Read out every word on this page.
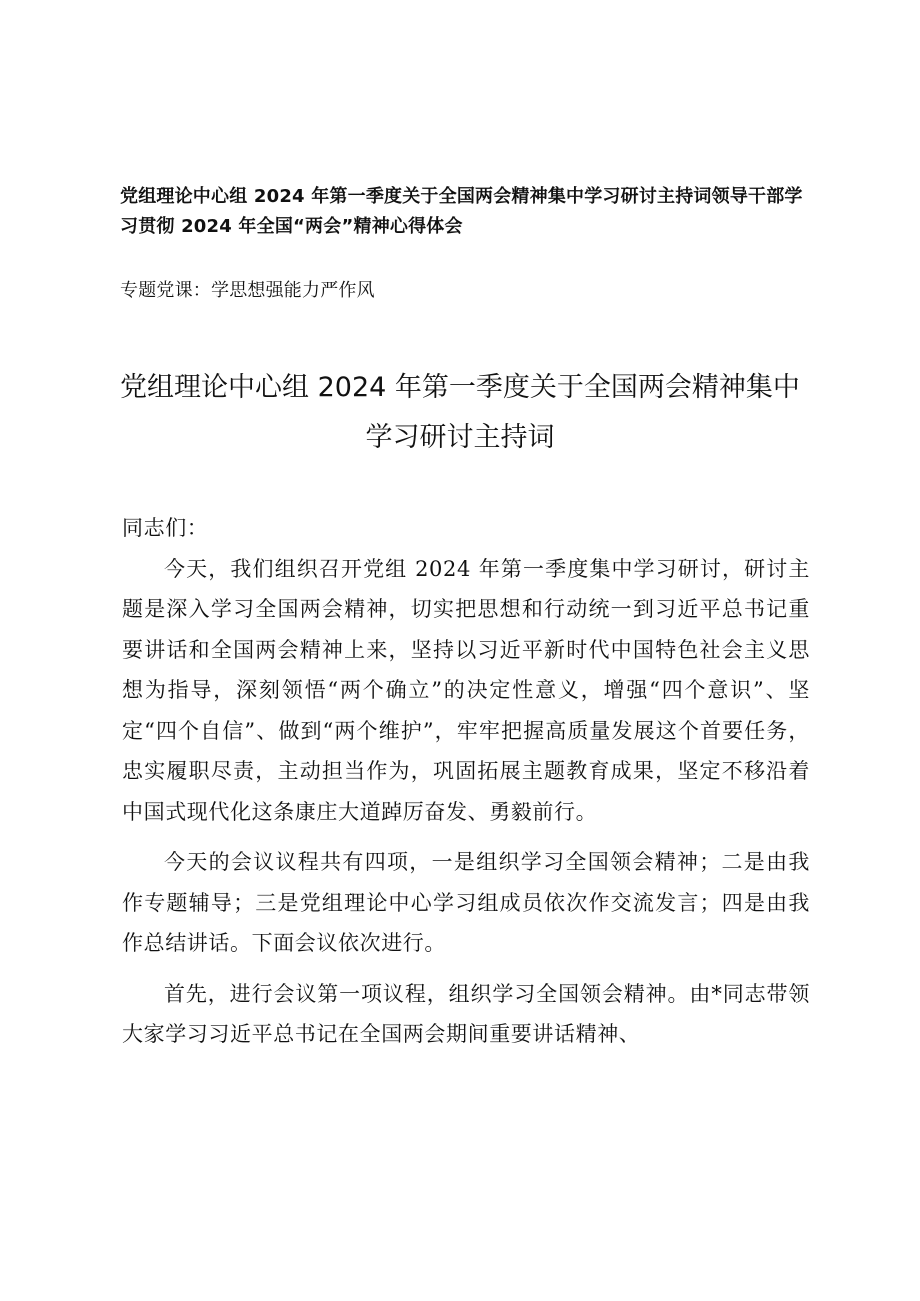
党组理论中心组 2024 年第一季度关于全国两会精神集中学习研讨主持词领导干部学
习贯彻 2024 年全国“两会”精神心得体会
专题党课：学思想强能力严作风
党组理论中心组 2024 年第一季度关于全国两会精神集中
学习研讨主持词

同志们：

今天，我们组织召开党组 2024 年第一季度集中学习研讨，研讨主题是深入学习全国两会精神，切实把思想和行动统一到习近平总书记重要讲话和全国两会精神上来，坚持以习近平新时代中国特色社会主义思想为指导，深刻领悟“两个确立”的决定性意义，增强“四个意识”、坚定“四个自信”、做到“两个维护”，牢牢把握高质量发展这个首要任务，忠实履职尽责，主动担当作为，巩固拓展主题教育成果，坚定不移沿着中国式现代化这条康庄大道踔厉奋发、勇毅前行。

今天的会议议程共有四项，一是组织学习全国领会精神；二是由我作专题辅导；三是党组理论中心学习组成员依次作交流发言；四是由我作总结讲话。下面会议依次进行。

首先，进行会议第一项议程，组织学习全国领会精神。由*同志带领大家学习习近平总书记在全国两会期间重要讲话精神、
